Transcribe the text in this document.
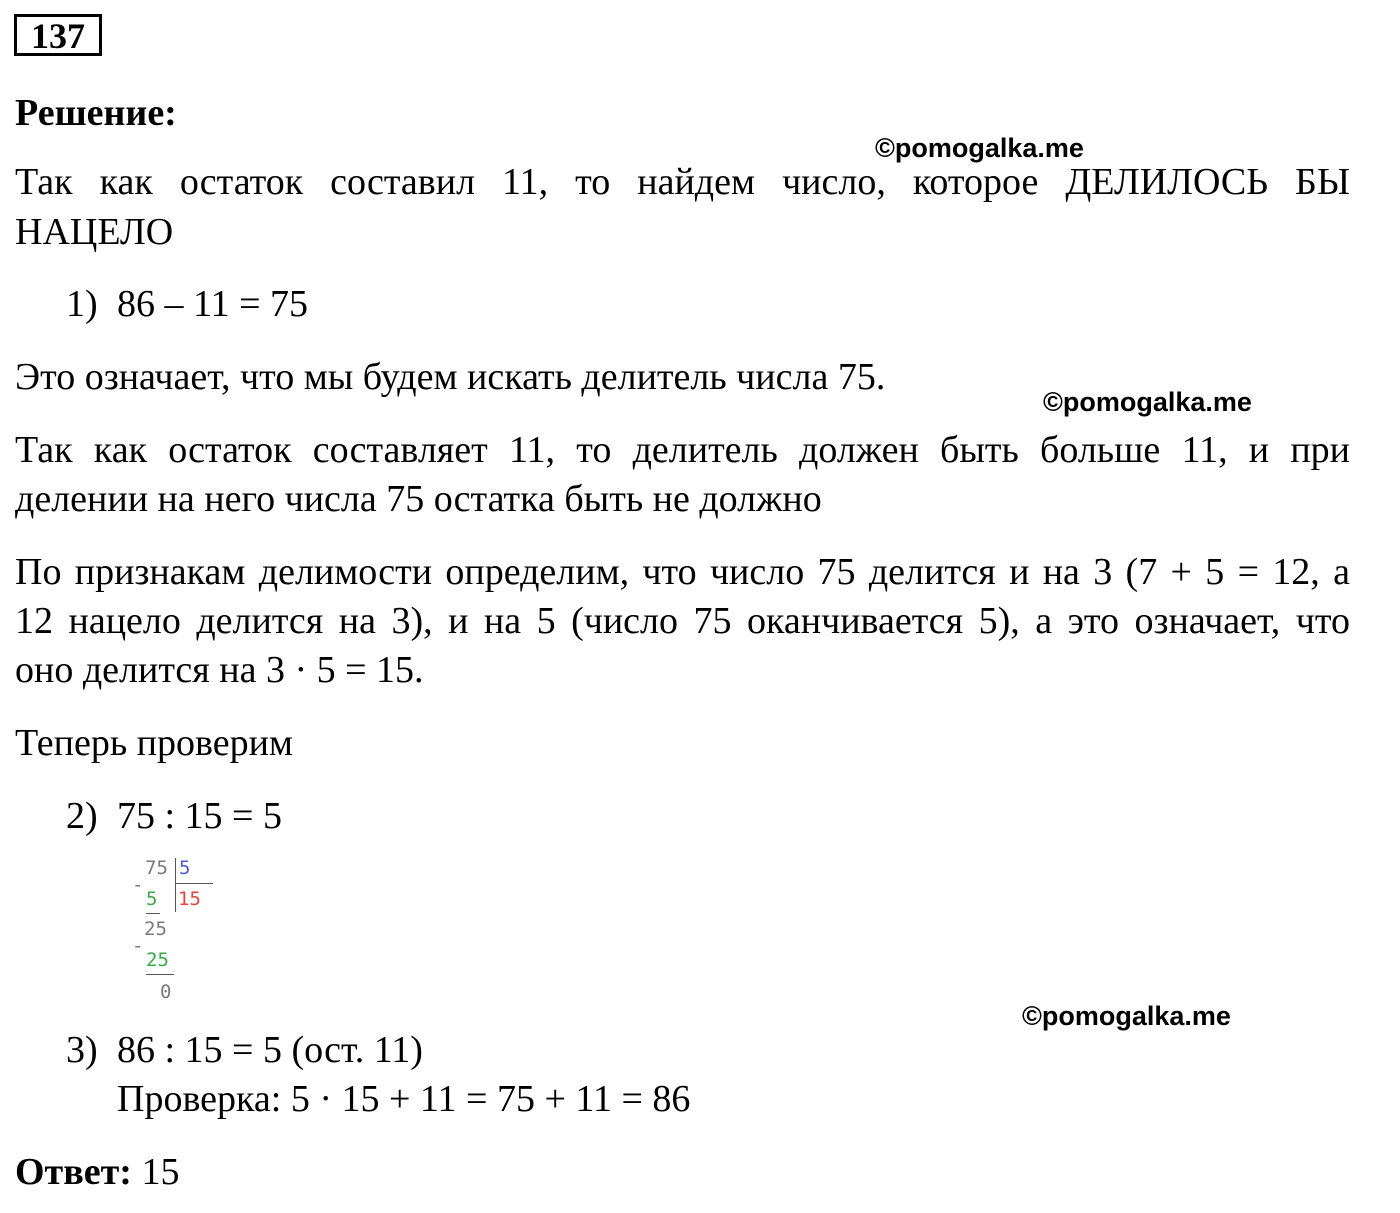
137
Решение:
©pomogalka.me
©pomogalka.me
©pomogalka.me
Так как остаток составил 11, то найдем число, которое ДЕЛИЛОСЬ БЫ
НАЦЕЛО
1) 86 – 11 = 75
Это означает, что мы будем искать делитель числа 75.
Так как остаток составляет 11, то делитель должен быть больше 11, и при
делении на него числа 75 остатка быть не должно
По признакам делимости определим, что число 75 делится и на 3 (7 + 5 = 12, а
12 нацело делится на 3), и на 5 (число 75 оканчивается 5), а это означает, что
оно делится на 3 · 5 = 15.
Теперь проверим
2) 75 : 15 = 5
75 5
-
5 15
25
-
25
0
3) 86 : 15 = 5 (ост. 11)
Проверка: 5 · 15 + 11 = 75 + 11 = 86
Ответ: 15
